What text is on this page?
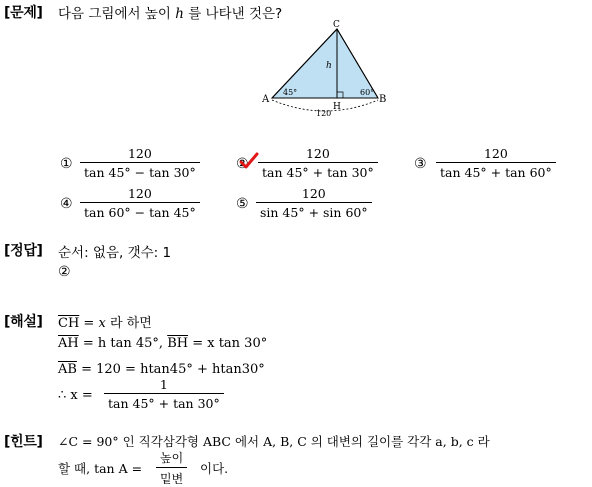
[문제] 다음 그림에서 높이 h 를 나타낸 것은?
C
A	B
H
h
45°	60°
120
① $\frac{120}{\tan 45^\circ - \tan 30^\circ}$	② $\frac{120}{\tan 45^\circ + \tan 30^\circ}$	③ $\frac{120}{\tan 45^\circ + \tan 60^\circ}$
④ $\frac{120}{\tan 60^\circ - \tan 45^\circ}$	⑤ $\frac{120}{\sin 45^\circ + \sin 60^\circ}$
[정답] 순서: 없음, 갯수: 1
②
[해설] $\overline{CH} = x$ 라 하면
$\overline{AH} = h$ tan 45°, $\overline{BH} = x$ tan 30°
$\overline{AB} = 120 = htan45^\circ + htan30^\circ$
∴ $x = \frac{1}{\tan 45^\circ + \tan 30^\circ}$
[힌트] ∠C = 90° 인 직각삼각형 ABC 에서 A, B, C 의 대변의 길이를 각각 a, b, c 라
할 때, tan A =
높이
밑변
이다.
